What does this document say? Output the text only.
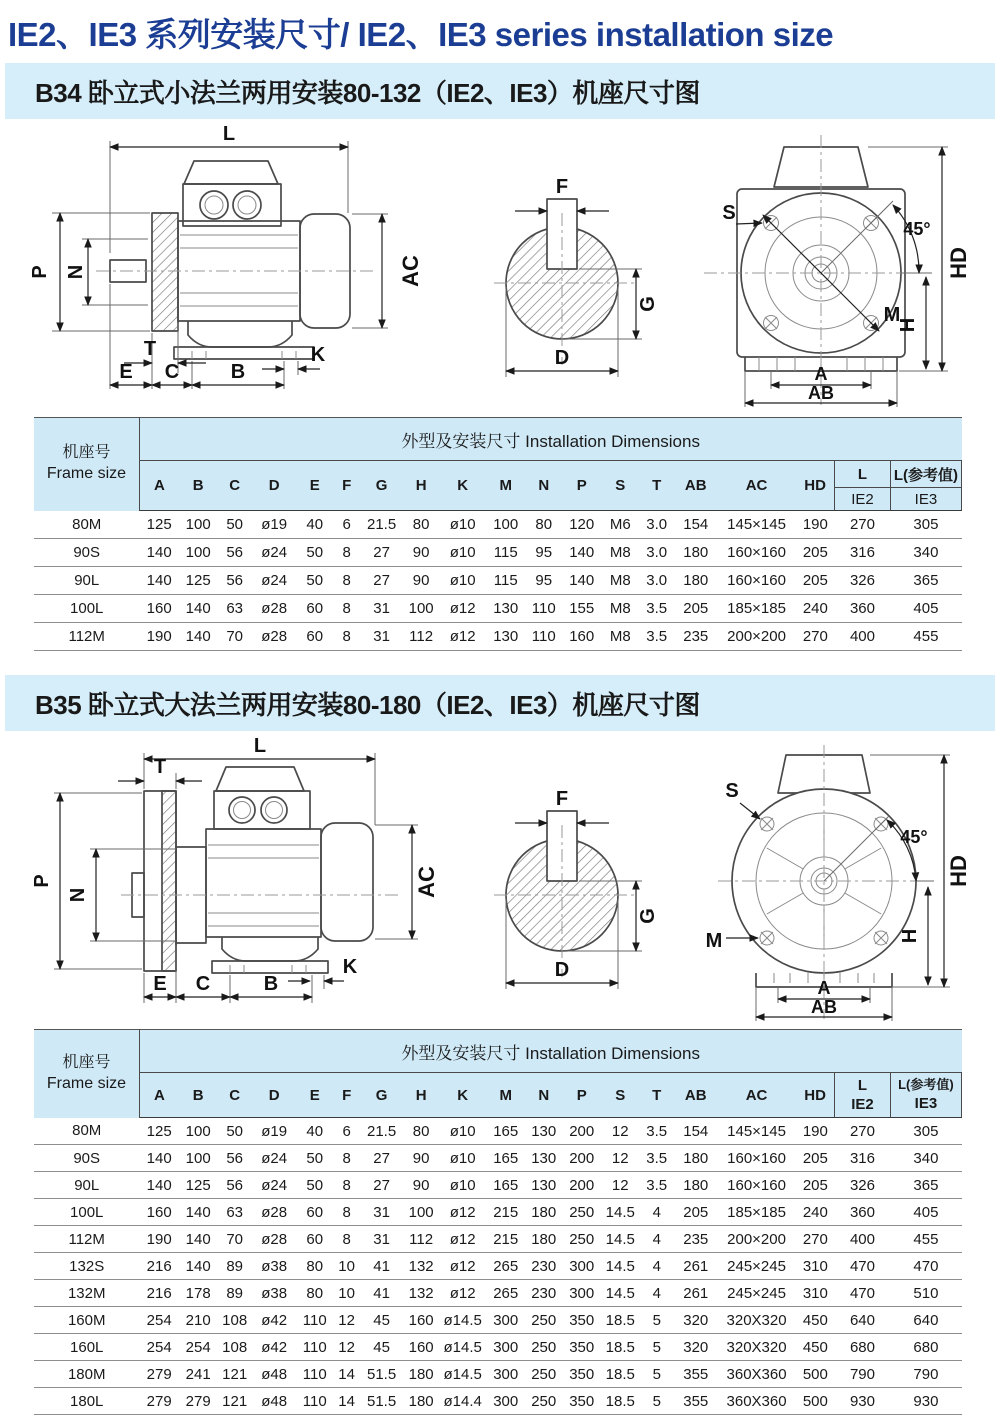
IE2、IE3 系列安装尺寸/ IE2、IE3 series installation size
B34 卧立式小法兰两用安装80-132（IE2、IE3）机座尺寸图
L
P N	AC
T
E C	B
K
F
G
D
S
45°
HD
M
H
A
AB
机座号
Frame size	外型及安装尺寸 Installation Dimensions																		
	A	B	C	D	E	F	G	H	K	M	N	P	S	T	AB	AC	HD	L	L(参考值)
																		IE2	IE3
80M	125	100	50	ø19	40	6	21.5	80	ø10	100	80	120	M6	3.0	154	145×145	190	270	305
90S	140	100	56	ø24	50	8	27	90	ø10	115	95	140	M8	3.0	180	160×160	205	316	340
90L	140	125	56	ø24	50	8	27	90	ø10	115	95	140	M8	3.0	180	160×160	205	326	365
100L	160	140	63	ø28	60	8	31	100	ø12	130	110	155	M8	3.5	205	185×185	240	360	405
112M	190	140	70	ø28	60	8	31	112	ø12	130	110	160	M8	3.5	235	200×200	270	400	455
B35 卧立式大法兰两用安装80-180（IE2、IE3）机座尺寸图
L
T
P
N	AC
E C	B
K
F
G
D
S
45°
HD
M	H
A
AB
机座号
Frame size	外型及安装尺寸 Installation Dimensions																		
A	B	C	D	E	F	G	H	K	M	N	P	S	T	AB	AC	HD	
L
IE2

L(参考值)
IE3

80M	125	100	50	ø19	40	6	21.5	80	ø10	165	130	200	12	3.5	154	145×145	190	270	305
90S	140	100	56	ø24	50	8	27	90	ø10	165	130	200	12	3.5	180	160×160	205	316	340
90L	140	125	56	ø24	50	8	27	90	ø10	165	130	200	12	3.5	180	160×160	205	326	365
100L	160	140	63	ø28	60	8	31	100	ø12	215	180	250	14.5	4	205	185×185	240	360	405
112M	190	140	70	ø28	60	8	31	112	ø12	215	180	250	14.5	4	235	200×200	270	400	455
132S	216	140	89	ø38	80	10	41	132	ø12	265	230	300	14.5	4	261	245×245	310	470	470
132M	216	178	89	ø38	80	10	41	132	ø12	265	230	300	14.5	4	261	245×245	310	470	510
160M	254	210	108	ø42	110	12	45	160	ø14.5	300	250	350	18.5	5	320	320X320	450	640	640
160L	254	254	108	ø42	110	12	45	160	ø14.5	300	250	350	18.5	5	320	320X320	450	680	680
180M	279	241	121	ø48	110	14	51.5	180	ø14.5	300	250	350	18.5	5	355	360X360	500	790	790
180L	279	279	121	ø48	110	14	51.5	180	ø14.4	300	250	350	18.5	5	355	360X360	500	930	930
